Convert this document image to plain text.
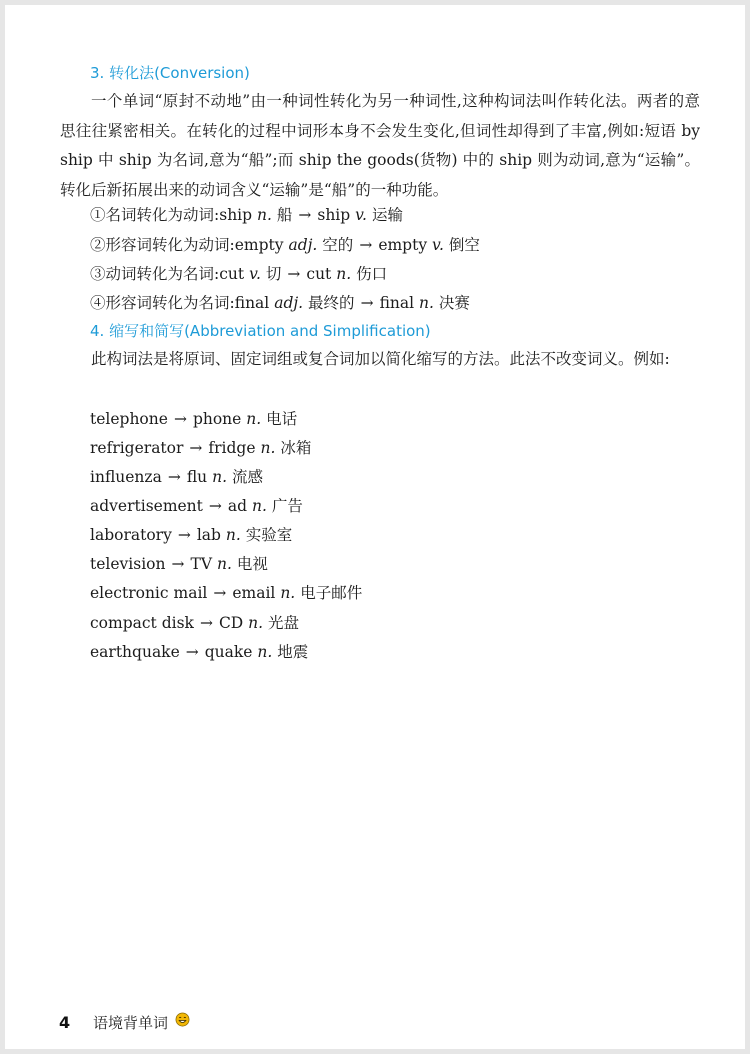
3. 转化法(Conversion)

一个单词“原封不动地”由一种词性转化为另一种词性,这种构词法叫作转化法。两者的意思往往紧密相关。在转化的过程中词形本身不会发生变化,但词性却得到了丰富,例如:短语 by ship 中 ship 为名词,意为“船”;而 ship the goods(货物) 中的 ship 则为动词,意为“运输”。转化后新拓展出来的动词含义“运输”是“船”的一种功能。

①名词转化为动词:ship n. 船 → ship v. 运输
②形容词转化为动词:empty adj. 空的 → empty v. 倒空
③动词转化为名词:cut v. 切 → cut n. 伤口
④形容词转化为名词:final adj. 最终的 → final n. 决赛
4. 缩写和简写(Abbreviation and Simplification)

此构词法是将原词、固定词组或复合词加以简化缩写的方法。此法不改变词义。例如:

telephone → phone n. 电话
refrigerator → fridge n. 冰箱
influenza → flu n. 流感
advertisement → ad n. 广告
laboratory → lab n. 实验室
television → TV n. 电视
electronic mail → email n. 电子邮件
compact disk → CD n. 光盘
earthquake → quake n. 地震
4 语境背单词
